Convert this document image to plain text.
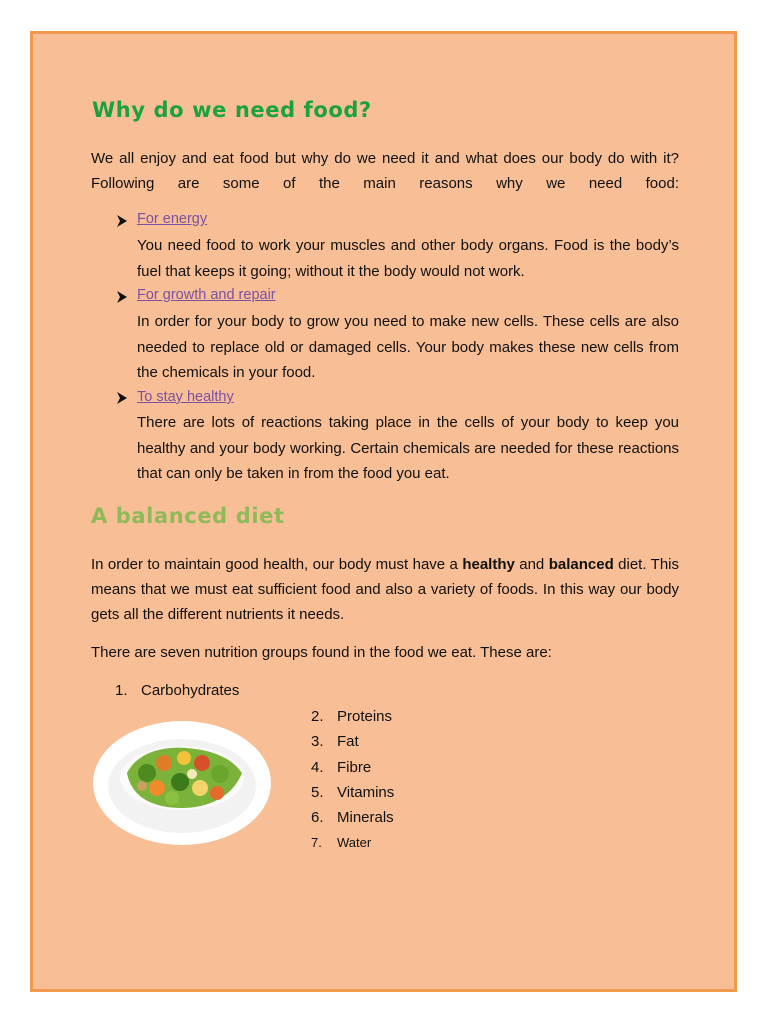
Why do we need food?
We all enjoy and eat food but why do we need it and what does our body do with it? Following are some of the main reasons why we need food:
For energy
You need food to work your muscles and other body organs. Food is the body’s fuel that keeps it going; without it the body would not work.
For growth and repair
In order for your body to grow you need to make new cells. These cells are also needed to replace old or damaged cells. Your body makes these new cells from the chemicals in your food.
To stay healthy
There are lots of reactions taking place in the cells of your body to keep you healthy and your body working. Certain chemicals are needed for these reactions that can only be taken in from the food you eat.
A balanced diet
In order to maintain good health, our body must have a healthy and balanced diet. This means that we must eat sufficient food and also a variety of foods. In this way our body gets all the different nutrients it needs.
There are seven nutrition groups found in the food we eat. These are:
1. Carbohydrates
2. Proteins
3. Fat
4. Fibre
5. Vitamins
6. Minerals
7. Water
